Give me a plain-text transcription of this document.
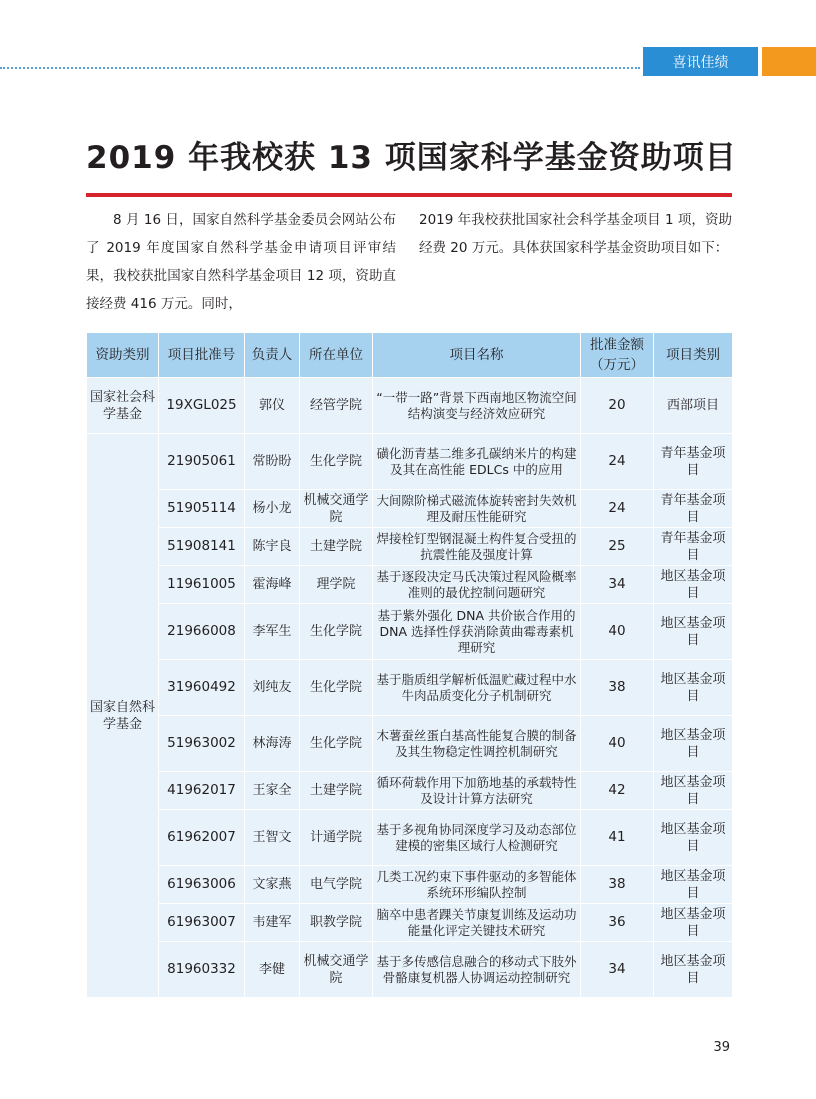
喜讯佳绩
2019 年我校获 13 项国家科学基金资助项目
8 月 16 日，国家自然科学基金委员会网站公布了 2019 年度国家自然科学基金申请项目评审结果，我校获批国家自然科学基金项目 12 项，资助直接经费 416 万元。同时，
2019 年我校获批国家社会科学基金项目 1 项，资助经费 20 万元。具体获国家科学基金资助项目如下：
资助类别	项目批准号	负责人	所在单位	项目名称	批准金额（万元）	项目类别
国家社会科学基金	19XGL025	郭仪	经管学院	“一带一路”背景下西南地区物流空间结构演变与经济效应研究	20	西部项目
国家自然科学基金	21905061	常盼盼	生化学院	磺化沥青基二维多孔碳纳米片的构建及其在高性能 EDLCs 中的应用	24	青年基金项目
	51905114	杨小龙	机械交通学院	大间隙阶梯式磁流体旋转密封失效机理及耐压性能研究	24	青年基金项目
	51908141	陈宇良	土建学院	焊接栓钉型钢混凝土构件复合受扭的抗震性能及强度计算	25	青年基金项目
	11961005	霍海峰	理学院	基于逐段决定马氏决策过程风险概率准则的最优控制问题研究	34	地区基金项目
	21966008	李军生	生化学院	基于紫外强化 DNA 共价嵌合作用的 DNA 选择性俘获消除黄曲霉毒素机理研究	40	地区基金项目
	31960492	刘纯友	生化学院	基于脂质组学解析低温贮藏过程中水牛肉品质变化分子机制研究	38	地区基金项目
	51963002	林海涛	生化学院	木薯蚕丝蛋白基高性能复合膜的制备及其生物稳定性调控机制研究	40	地区基金项目
	41962017	王家全	土建学院	循环荷载作用下加筋地基的承载特性及设计计算方法研究	42	地区基金项目
	61962007	王智文	计通学院	基于多视角协同深度学习及动态部位建模的密集区域行人检测研究	41	地区基金项目
	61963006	文家燕	电气学院	几类工况约束下事件驱动的多智能体系统环形编队控制	38	地区基金项目
	61963007	韦建军	职教学院	脑卒中患者踝关节康复训练及运动功能量化评定关键技术研究	36	地区基金项目
	81960332	李健	机械交通学院	基于多传感信息融合的移动式下肢外骨骼康复机器人协调运动控制研究	34	地区基金项目
39
